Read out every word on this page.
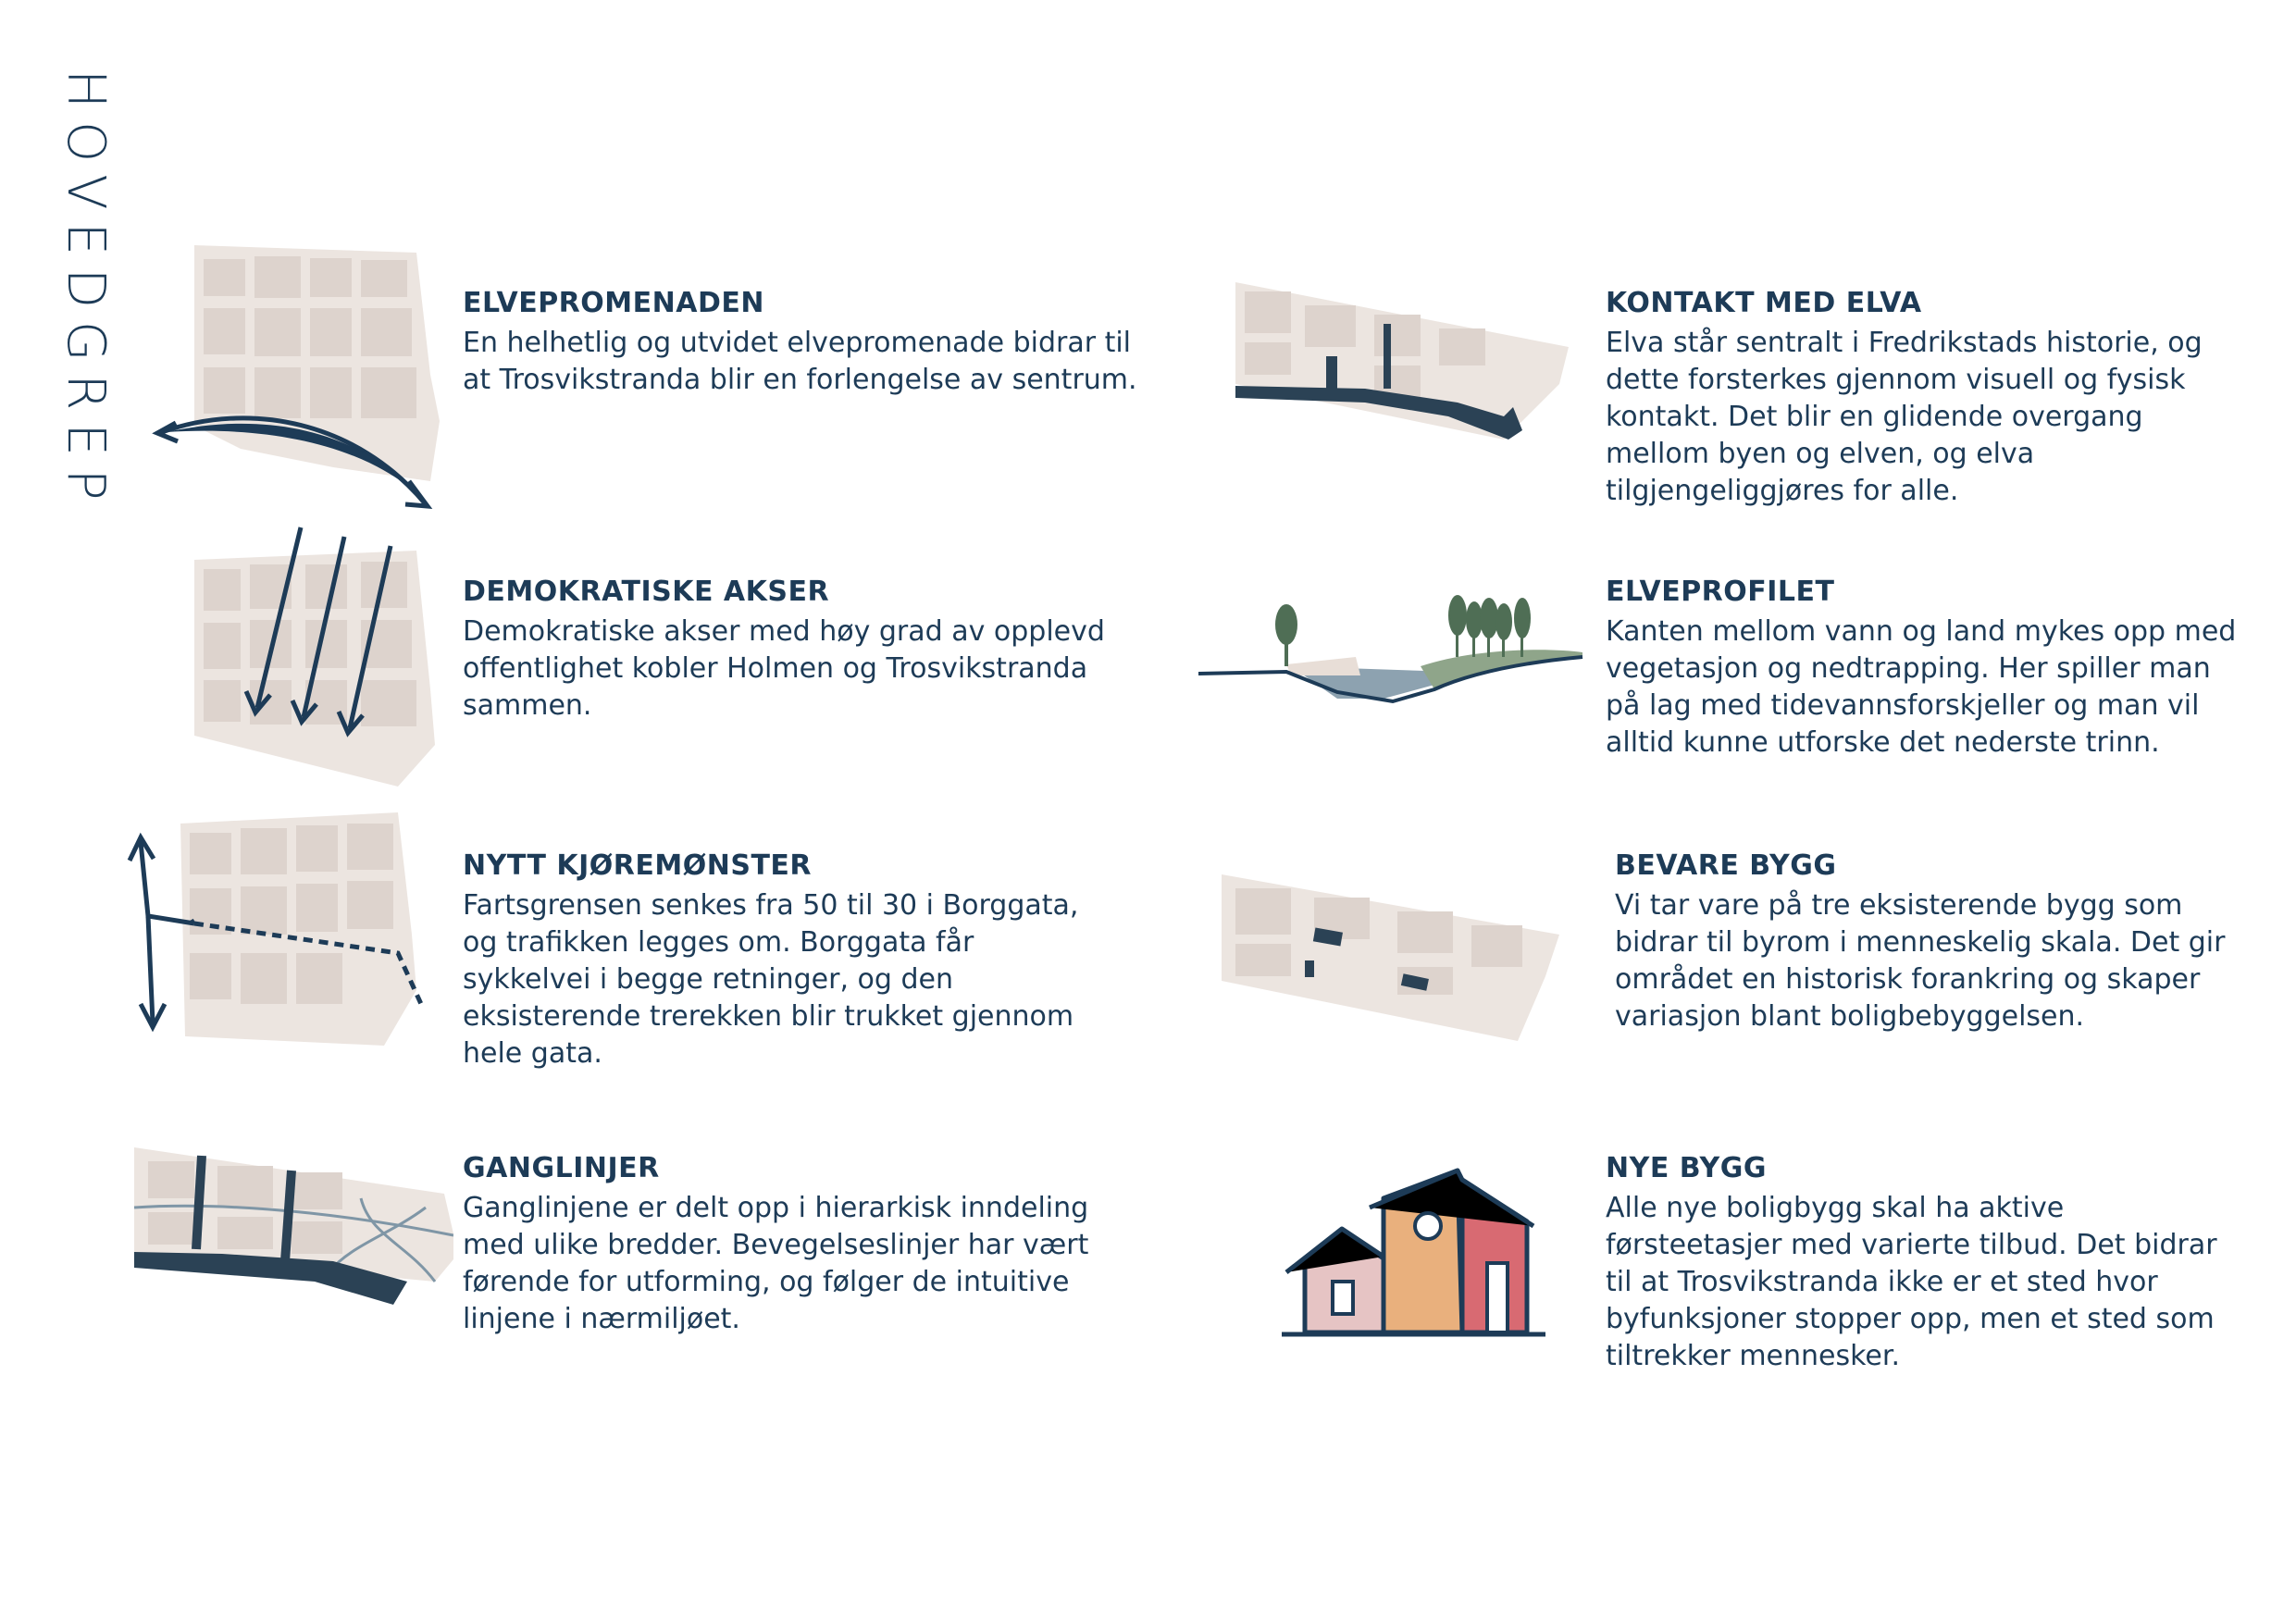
HOVEDGREP	ELVEPROMENADEN

En helhetlig og utvidet elvepromenade bidrar til at Trosvikstranda blir en forlengelse av sentrum.

DEMOKRATISKE AKSER

Demokratiske akser med høy grad av opplevd offentlighet kobler Holmen og Trosvikstranda sammen.

NYTT KJØREMØNSTER

Fartsgrensen senkes fra 50 til 30 i Borggata, og trafikken legges om. Borggata får sykkelvei i begge retninger, og den eksisterende trerekken blir trukket gjennom hele gata.

GANGLINJER

Ganglinjene er delt opp i hierarkisk inndeling med ulike bredder. Bevegelseslinjer har vært førende for utforming, og følger de intuitive linjene i nærmiljøet.

KONTAKT MED ELVA

Elva står sentralt i Fredrikstads historie, og dette forsterkes gjennom visuell og fysisk kontakt. Det blir en glidende overgang mellom byen og elven, og elva tilgjengeliggjøres for alle.

ELVEPROFILET

Kanten mellom vann og land mykes opp med vegetasjon og nedtrapping. Her spiller man på lag med tidevannsforskjeller og man vil alltid kunne utforske det nederste trinn.

BEVARE BYGG

Vi tar vare på tre eksisterende bygg som bidrar til byrom i menneskelig skala. Det gir området en historisk forankring og skaper variasjon blant boligbebyggelsen.

NYE BYGG

Alle nye boligbygg skal ha aktive førsteetasjer med varierte tilbud. Det bidrar til at Trosvikstranda ikke er et sted hvor byfunksjoner stopper opp, men et sted som tiltrekker mennesker.
